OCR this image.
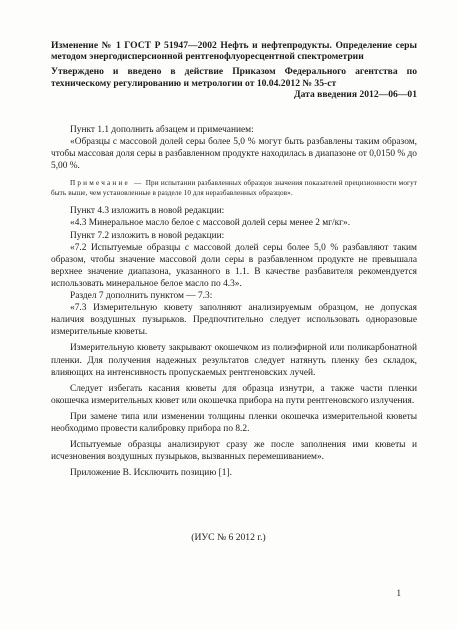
Изменение № 1 ГОСТ Р 51947—2002 Нефть и нефтепродукты. Определение серы методом энергодисперсионной рентгенофлуоресцентной спектрометрии

Утверждено и введено в действие Приказом Федерального агентства по техническому регулированию и метрологии от 10.04.2012 № 35-ст

Дата введения 2012—06—01

Пункт 1.1 дополнить абзацем и примечанием:

«Образцы с массовой долей серы более 5,0 % могут быть разбавлены таким образом, чтобы массовая доля серы в разбавленном продукте находилась в диапазоне от 0,0150 % до 5,00 %.

Примечание — При испытании разбавленных образцов значения показателей прецизионности могут быть выше, чем установленные в разделе 10 для неразбавленных образцов».

Пункт 4.3 изложить в новой редакции:

«4.3 Минеральное масло белое с массовой долей серы менее 2 мг/кг».

Пункт 7.2 изложить в новой редакции:

«7.2 Испытуемые образцы с массовой долей серы более 5,0 % разбавляют таким образом, чтобы значение массовой доли серы в разбавленном продукте не превышала верхнее значение диапазона, указанного в 1.1. В качестве разбавителя рекомендуется использовать минеральное белое масло по 4.3».

Раздел 7 дополнить пунктом — 7.3:

«7.3 Измерительную кювету заполняют анализируемым образцом, не допуская наличия воздушных пузырьков. Предпочтительно следует использовать одноразовые измерительные кюветы.

Измерительную кювету закрывают окошечком из полиэфирной или поликарбонатной пленки. Для получения надежных результатов следует натянуть пленку без складок, влияющих на интенсивность пропускаемых рентгеновских лучей.

Следует избегать касания кюветы для образца изнутри, а также части пленки окошечка измерительных кювет или окошечка прибора на пути рентгеновского излучения.

При замене типа или изменении толщины пленки окошечка измерительной кюветы необходимо провести калибровку прибора по 8.2.

Испытуемые образцы анализируют сразу же после заполнения ими кюветы и исчезновения воздушных пузырьков, вызванных перемешиванием».

Приложение В. Исключить позицию [1].

(ИУС № 6 2012 г.)
1
